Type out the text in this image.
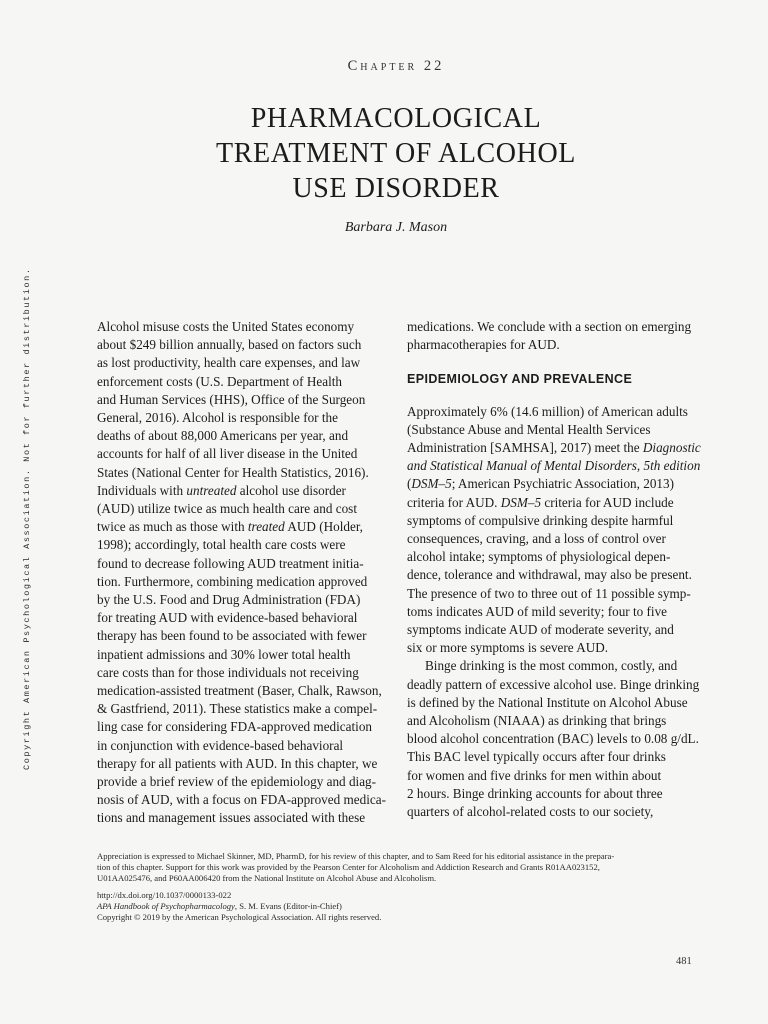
Copyright American Psychological Association. Not for further distribution.
Chapter 22
PHARMACOLOGICAL
TREATMENT OF ALCOHOL
USE DISORDER
Barbara J. Mason
Alcohol misuse costs the United States economy
about $249 billion annually, based on factors such
as lost productivity, health care expenses, and law
enforcement costs (U.S. Department of Health
and Human Services (HHS), Office of the Surgeon
General, 2016). Alcohol is responsible for the
deaths of about 88,000 Americans per year, and
accounts for half of all liver disease in the United
States (National Center for Health Statistics, 2016).
Individuals with untreated alcohol use disorder
(AUD) utilize twice as much health care and cost
twice as much as those with treated AUD (Holder,
1998); accordingly, total health care costs were
found to decrease following AUD treatment initia-
tion. Furthermore, combining medication approved
by the U.S. Food and Drug Administration (FDA)
for treating AUD with evidence-based behavioral
therapy has been found to be associated with fewer
inpatient admissions and 30% lower total health
care costs than for those individuals not receiving
medication-assisted treatment (Baser, Chalk, Rawson,
& Gastfriend, 2011). These statistics make a compel-
ling case for considering FDA-approved medication
in conjunction with evidence-based behavioral
therapy for all patients with AUD. In this chapter, we
provide a brief review of the epidemiology and diag-
nosis of AUD, with a focus on FDA-approved medica-
tions and management issues associated with these
medications. We conclude with a section on emerging
pharmacotherapies for AUD.
EPIDEMIOLOGY AND PREVALENCE
Approximately 6% (14.6 million) of American adults
(Substance Abuse and Mental Health Services
Administration [SAMHSA], 2017) meet the Diagnostic
and Statistical Manual of Mental Disorders, 5th edition
(DSM–5; American Psychiatric Association, 2013)
criteria for AUD. DSM–5 criteria for AUD include
symptoms of compulsive drinking despite harmful
consequences, craving, and a loss of control over
alcohol intake; symptoms of physiological depen-
dence, tolerance and withdrawal, may also be present.
The presence of two to three out of 11 possible symp-
toms indicates AUD of mild severity; four to five
symptoms indicate AUD of moderate severity, and
six or more symptoms is severe AUD.
Binge drinking is the most common, costly, and
deadly pattern of excessive alcohol use. Binge drinking
is defined by the National Institute on Alcohol Abuse
and Alcoholism (NIAAA) as drinking that brings
blood alcohol concentration (BAC) levels to 0.08 g/dL.
This BAC level typically occurs after four drinks
for women and five drinks for men within about
2 hours. Binge drinking accounts for about three
quarters of alcohol-related costs to our society,
Appreciation is expressed to Michael Skinner, MD, PharmD, for his review of this chapter, and to Sam Reed for his editorial assistance in the prepara-
tion of this chapter. Support for this work was provided by the Pearson Center for Alcoholism and Addiction Research and Grants R01AA023152,
U01AA025476, and P60AA006420 from the National Institute on Alcohol Abuse and Alcoholism.
http://dx.doi.org/10.1037/0000133-022
APA Handbook of Psychopharmacology, S. M. Evans (Editor-in-Chief)
Copyright © 2019 by the American Psychological Association. All rights reserved.
481
